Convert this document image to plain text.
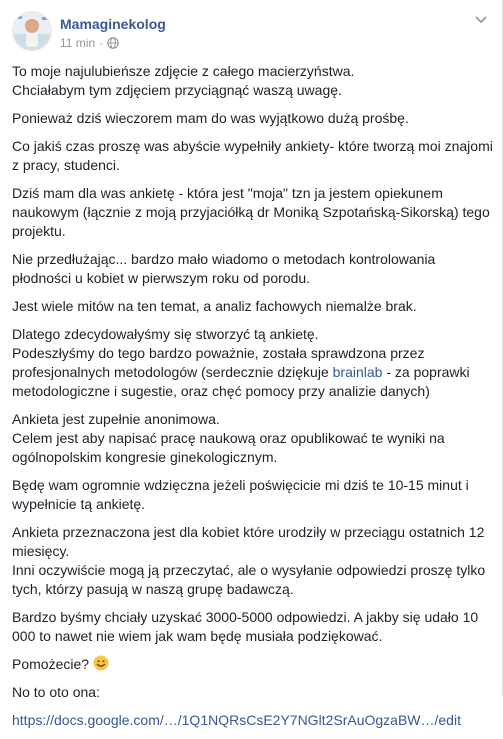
Mamaginekolog
11 min ·

To moje najulubieńsze zdjęcie z całego macierzyństwa.
Chciałabym tym zdjęciem przyciągnąć waszą uwagę.

Ponieważ dziś wieczorem mam do was wyjątkowo dużą prośbę.

Co jakiś czas proszę was abyście wypełniły ankiety- które tworzą moi znajomi z pracy, studenci.

Dziś mam dla was ankietę - która jest "moja" tzn ja jestem opiekunem naukowym (łącznie z moją przyjaciółką dr Moniką Szpotańską-Sikorską) tego projektu.

Nie przedłużając... bardzo mało wiadomo o metodach kontrolowania płodności u kobiet w pierwszym roku od porodu.

Jest wiele mitów na ten temat, a analiz fachowych niemalże brak.

Dlatego zdecydowałyśmy się stworzyć tą ankietę.
Podeszłyśmy do tego bardzo poważnie, została sprawdzona przez profesjonalnych metodologów (serdecznie dziękuje brainlab - za poprawki metodologiczne i sugestie, oraz chęć pomocy przy analizie danych)

Ankieta jest zupełnie anonimowa.
Celem jest aby napisać pracę naukową oraz opublikować te wyniki na ogólnopolskim kongresie ginekologicznym.

Będę wam ogromnie wdzięczna jeżeli poświęcicie mi dziś te 10-15 minut i wypełnicie tą ankietę.

Ankieta przeznaczona jest dla kobiet które urodziły w przeciągu ostatnich 12 miesięcy.
Inni oczywiście mogą ją przeczytać, ale o wysyłanie odpowiedzi proszę tylko tych, którzy pasują w naszą grupę badawczą.

Bardzo byśmy chciały uzyskać 3000-5000 odpowiedzi. A jakby się udało 10 000 to nawet nie wiem jak wam będę musiała podziękować.

Pomożecie?

No to oto ona:

https://docs.google.com/…/1Q1NQRsCsE2Y7NGlt2SrAuOgzaBW…/edit
